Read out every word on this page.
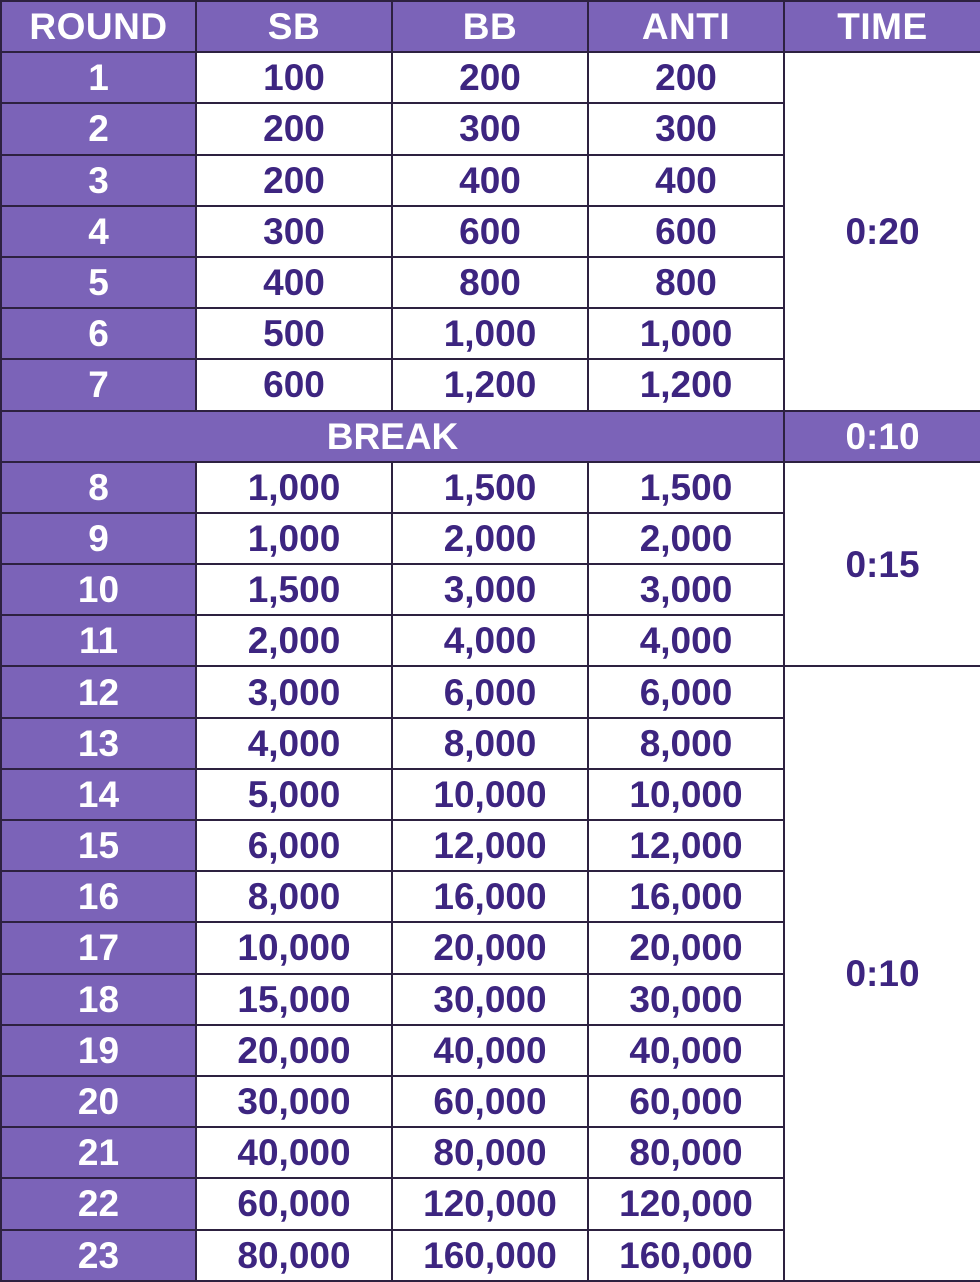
ROUND	SB	BB	ANTI	TIME
1	100	200	200	0:20
2	200	300	300	
3	200	400	400	
4	300	600	600	
5	400	800	800	
6	500	1,000	1,000	
7	600	1,200	1,200	
BREAK				0:10
8	1,000	1,500	1,500	0:15
9	1,000	2,000	2,000	
10	1,500	3,000	3,000	
11	2,000	4,000	4,000	
12	3,000	6,000	6,000	0:10
13	4,000	8,000	8,000	
14	5,000	10,000	10,000	
15	6,000	12,000	12,000	
16	8,000	16,000	16,000	
17	10,000	20,000	20,000	
18	15,000	30,000	30,000	
19	20,000	40,000	40,000	
20	30,000	60,000	60,000	
21	40,000	80,000	80,000	
22	60,000	120,000	120,000	
23	80,000	160,000	160,000	
